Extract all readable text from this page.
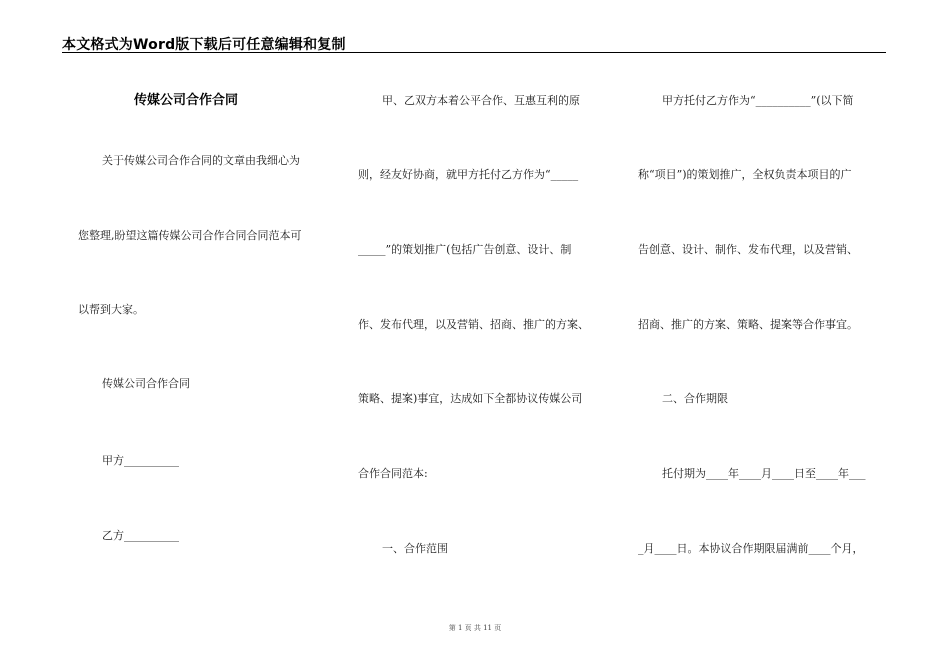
本文格式为Word版下载后可任意编辑和复制
传媒公司合作合同
关于传媒公司合作合同的文章由我细心为
您整理,盼望这篇传媒公司合作合同合同范本可
以帮到大家。
传媒公司合作合同
甲方__________
乙方__________
甲、乙双方本着公平合作、互惠互利的原
则，经友好协商，就甲方托付乙方作为“_____
_____”的策划推广(包括广告创意、设计、制
作、发布代理，以及营销、招商、推广的方案、
策略、提案)事宜，达成如下全都协议传媒公司
合作合同范本:
一、合作范围
甲方托付乙方作为“__________”(以下简
称“项目”)的策划推广，全权负责本项目的广
告创意、设计、制作、发布代理，以及营销、
招商、推广的方案、策略、提案等合作事宜。
二、合作期限
托付期为____年____月____日至____年___
_月____日。本协议合作期限届满前____个月，
第 1 页 共 11 页
